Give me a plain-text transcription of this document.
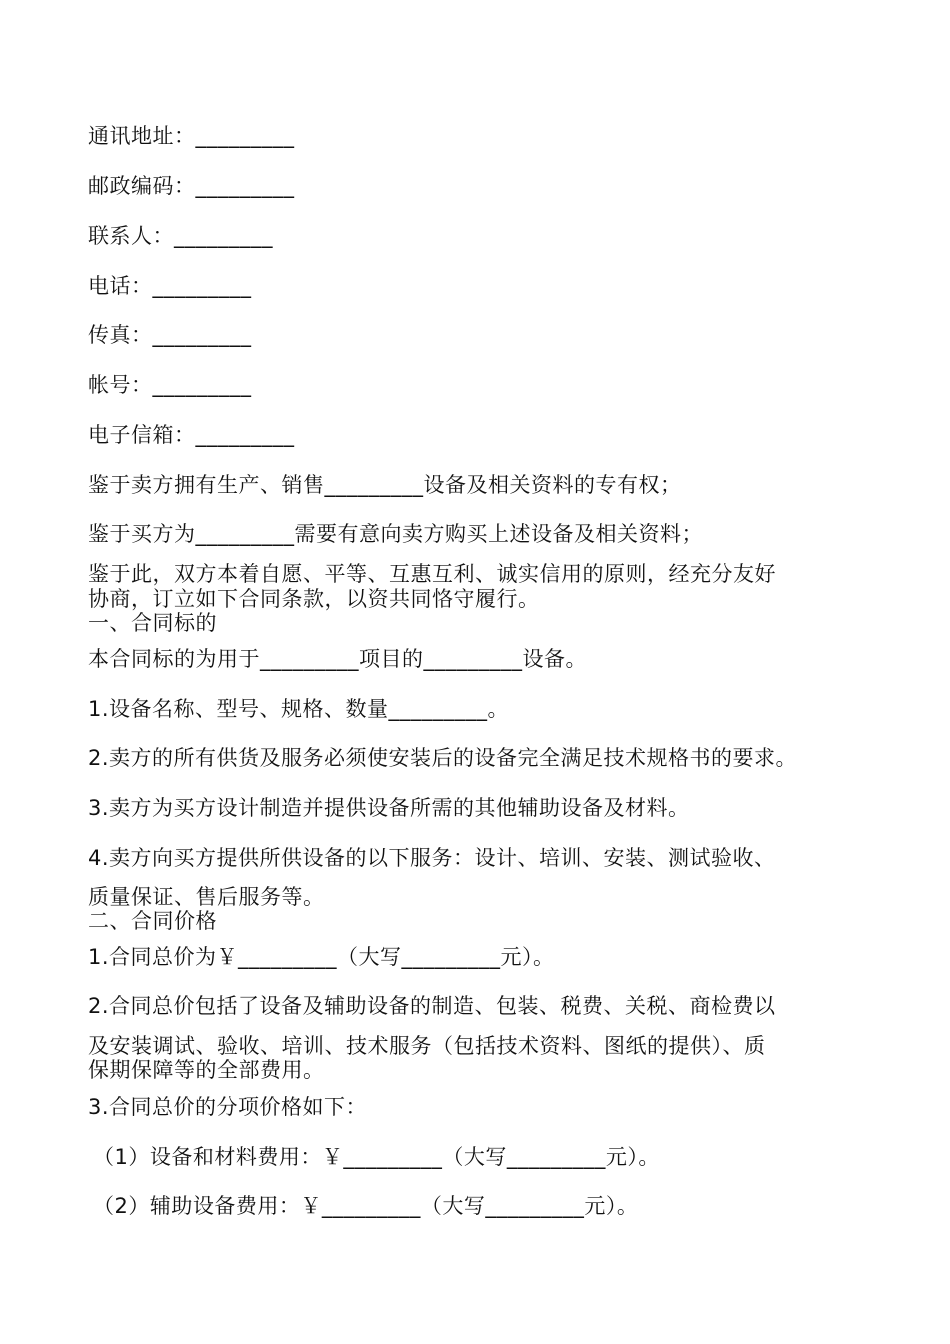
通讯地址：_________
邮政编码：_________
联系人：_________
电话：_________
传真：_________
帐号：_________
电子信箱：_________
鉴于卖方拥有生产、销售_________设备及相关资料的专有权；
鉴于买方为_________需要有意向卖方购买上述设备及相关资料；
鉴于此，双方本着自愿、平等、互惠互利、诚实信用的原则，经充分友好
协商，订立如下合同条款，以资共同恪守履行。
一、合同标的
本合同标的为用于_________项目的_________设备。
1.设备名称、型号、规格、数量_________。
2.卖方的所有供货及服务必须使安装后的设备完全满足技术规格书的要求。
3.卖方为买方设计制造并提供设备所需的其他辅助设备及材料。
4.卖方向买方提供所供设备的以下服务：设计、培训、安装、测试验收、
质量保证、售后服务等。
二、合同价格
1.合同总价为￥_________（大写_________元）。
2.合同总价包括了设备及辅助设备的制造、包装、税费、关税、商检费以
及安装调试、验收、培训、技术服务（包括技术资料、图纸的提供）、质
保期保障等的全部费用。
3.合同总价的分项价格如下：
（1）设备和材料费用：￥_________（大写_________元）。
（2）辅助设备费用：￥_________（大写_________元）。
